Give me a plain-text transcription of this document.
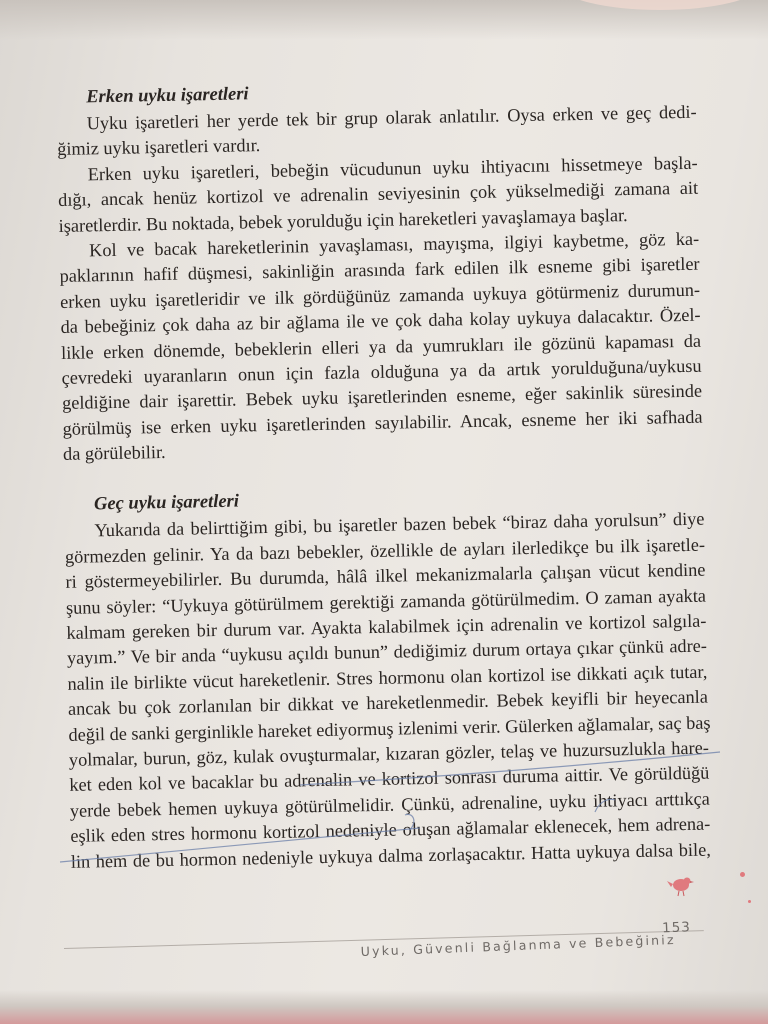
Erken uyku işaretleri
Uyku işaretleri her yerde tek bir grup olarak anlatılır. Oysa erken ve geç dedi-
ğimiz uyku işaretleri vardır.
Erken uyku işaretleri, bebeğin vücudunun uyku ihtiyacını hissetmeye başla-
dığı, ancak henüz kortizol ve adrenalin seviyesinin çok yükselmediği zamana ait
işaretlerdir. Bu noktada, bebek yorulduğu için hareketleri yavaşlamaya başlar.
Kol ve bacak hareketlerinin yavaşlaması, mayışma, ilgiyi kaybetme, göz ka-
paklarının hafif düşmesi, sakinliğin arasında fark edilen ilk esneme gibi işaretler
erken uyku işaretleridir ve ilk gördüğünüz zamanda uykuya götürmeniz durumun-
da bebeğiniz çok daha az bir ağlama ile ve çok daha kolay uykuya dalacaktır. Özel-
likle erken dönemde, bebeklerin elleri ya da yumrukları ile gözünü kapaması da
çevredeki uyaranların onun için fazla olduğuna ya da artık yorulduğuna/uykusu
geldiğine dair işarettir. Bebek uyku işaretlerinden esneme, eğer sakinlik süresinde
görülmüş ise erken uyku işaretlerinden sayılabilir. Ancak, esneme her iki safhada
da görülebilir.
Geç uyku işaretleri
Yukarıda da belirttiğim gibi, bu işaretler bazen bebek “biraz daha yorulsun” diye
görmezden gelinir. Ya da bazı bebekler, özellikle de ayları ilerledikçe bu ilk işaretle-
ri göstermeyebilirler. Bu durumda, hâlâ ilkel mekanizmalarla çalışan vücut kendine
şunu söyler: “Uykuya götürülmem gerektiği zamanda götürülmedim. O zaman ayakta
kalmam gereken bir durum var. Ayakta kalabilmek için adrenalin ve kortizol salgıla-
yayım.” Ve bir anda “uykusu açıldı bunun” dediğimiz durum ortaya çıkar çünkü adre-
nalin ile birlikte vücut hareketlenir. Stres hormonu olan kortizol ise dikkati açık tutar,
ancak bu çok zorlanılan bir dikkat ve hareketlenmedir. Bebek keyifli bir heyecanla
değil de sanki gerginlikle hareket ediyormuş izlenimi verir. Gülerken ağlamalar, saç baş
yolmalar, burun, göz, kulak ovuşturmalar, kızaran gözler, telaş ve huzursuzlukla hare-
ket eden kol ve bacaklar bu adrenalin ve kortizol sonrası duruma aittir. Ve görüldüğü
yerde bebek hemen uykuya götürülmelidir. Çünkü, adrenaline, uyku ihtiyacı arttıkça
eşlik eden stres hormonu kortizol nedeniyle oluşan ağlamalar eklenecek, hem adrena-
lin hem de bu hormon nedeniyle uykuya dalma zorlaşacaktır. Hatta uykuya dalsa bile,
Uyku, Güvenli Bağlanma ve Bebeğiniz
153
